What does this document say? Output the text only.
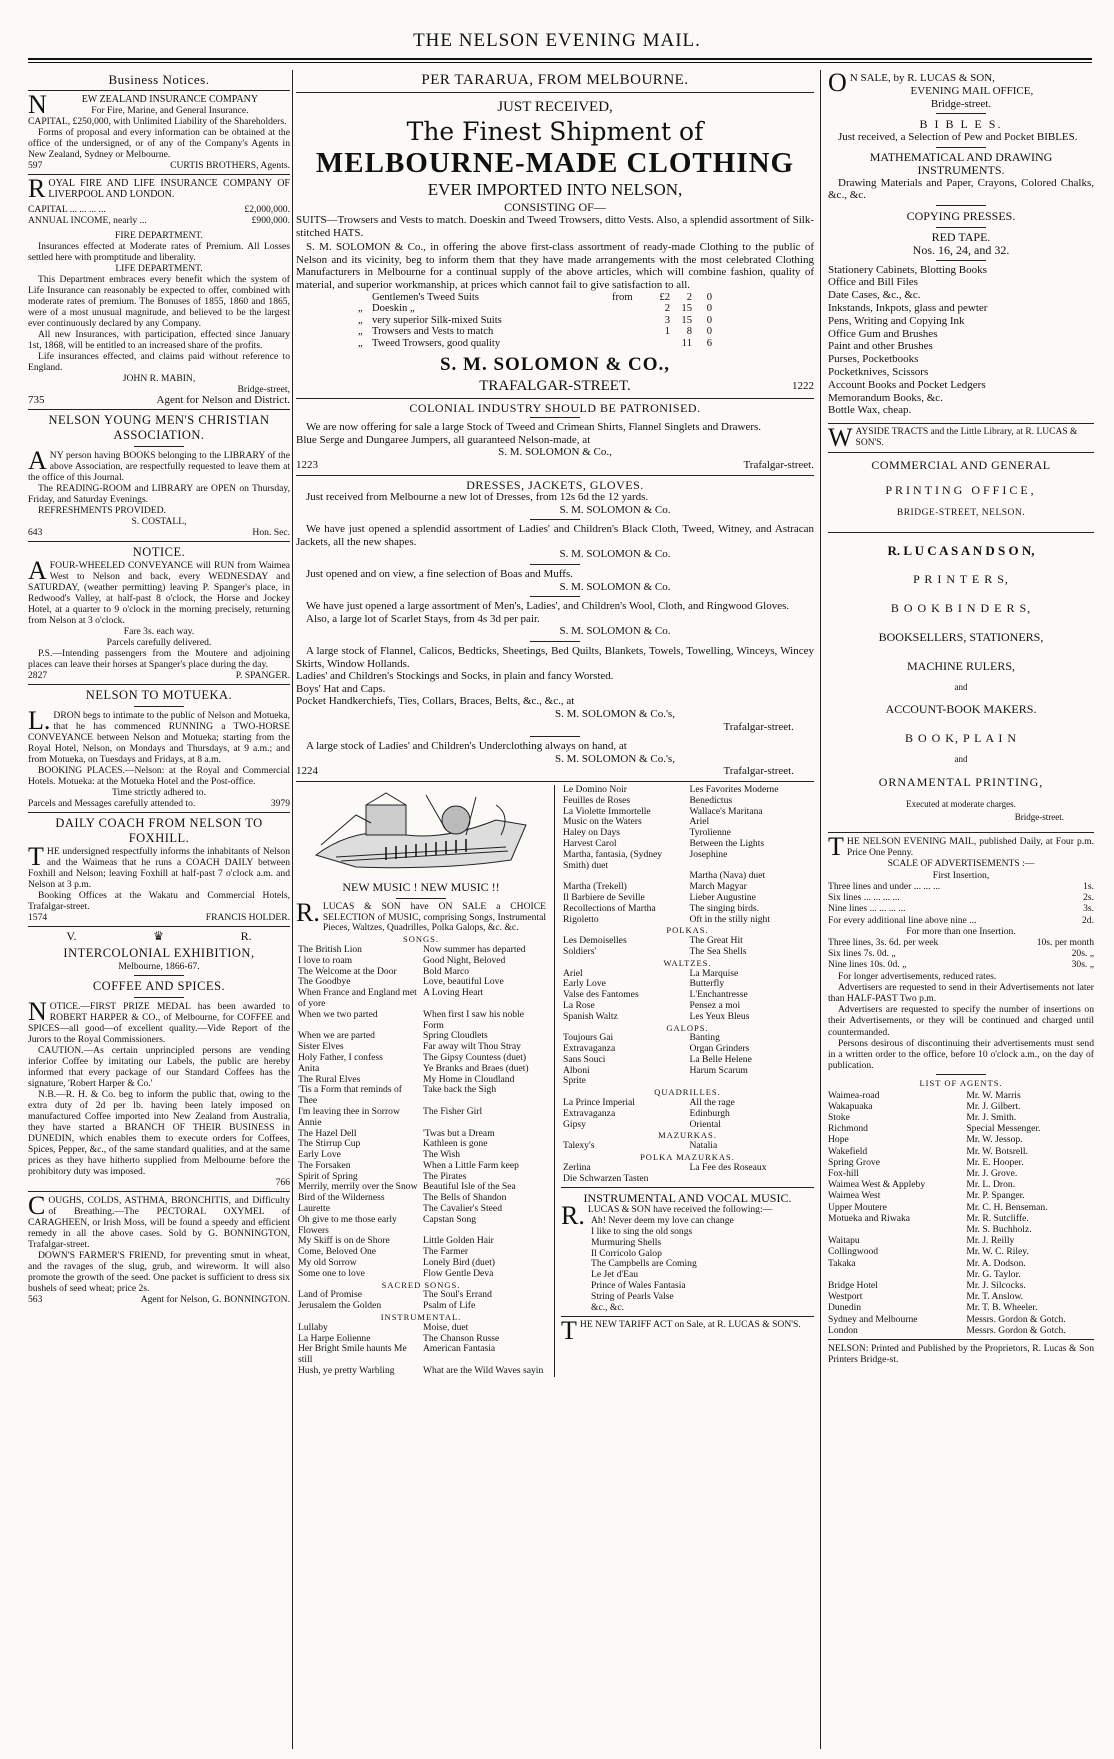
THE NELSON EVENING MAIL.
Business Notices.

NEW ZEALAND INSURANCE COMPANY

For Fire, Marine, and General Insurance.

CAPITAL, £250,000, with Unlimited Liability of the Shareholders.

Forms of proposal and every information can be obtained at the office of the undersigned, or of any of the Company's Agents in New Zealand, Sydney or Melbourne.

597	CURTIS BROTHERS, Agents.

ROYAL FIRE AND LIFE INSURANCE COMPANY OF LIVERPOOL AND LONDON.

CAPITAL ... ... ... ...	£2,000,000.
ANNUAL INCOME, nearly ...	£900,000.

FIRE DEPARTMENT.

Insurances effected at Moderate rates of Premium. All Losses settled here with promptitude and liberality.

LIFE DEPARTMENT.

This Department embraces every benefit which the system of Life Insurance can reasonably be expected to offer, combined with moderate rates of premium. The Bonuses of 1855, 1860 and 1865, were of a most unusual magnitude, and believed to be the largest ever continuously declared by any Company.

All new Insurances, with participation, effected since January 1st, 1868, will be entitled to an increased share of the profits.

Life insurances effected, and claims paid without reference to England.

JOHN R. MABIN,

Bridge-street,

735	Agent for Nelson and District.

NELSON YOUNG MEN'S CHRISTIAN ASSOCIATION.

ANY person having BOOKS belonging to the LIBRARY of the above Association, are respectfully requested to leave them at the office of this Journal.

The READING-ROOM and LIBRARY are OPEN on Thursday, Friday, and Saturday Evenings.

REFRESHMENTS PROVIDED.

S. COSTALL,

643	Hon. Sec.

NOTICE.

AFOUR-WHEELED CONVEYANCE will RUN from Waimea West to Nelson and back, every WEDNESDAY and SATURDAY, (weather permitting) leaving P. Spanger's place, in Redwood's Valley, at half-past 8 o'clock, the Horse and Jockey Hotel, at a quarter to 9 o'clock in the morning precisely, returning from Nelson at 3 o'clock.

Fare 3s. each way.

Parcels carefully delivered.

P.S.—Intending passengers from the Moutere and adjoining places can leave their horses at Spanger's place during the day.

2827	P. SPANGER.

NELSON TO MOTUEKA.

L.DRON begs to intimate to the public of Nelson and Motueka, that he has commenced RUNNING a TWO-HORSE CONVEYANCE between Nelson and Motueka; starting from the Royal Hotel, Nelson, on Mondays and Thursdays, at 9 a.m.; and from Motueka, on Tuesdays and Fridays, at 8 a.m.

BOOKING PLACES.—Nelson: at the Royal and Commercial Hotels. Motueka: at the Motueka Hotel and the Post-office.

Time strictly adhered to.

Parcels and Messages carefully attended to.	3979

DAILY COACH FROM NELSON TO FOXHILL.

THE undersigned respectfully informs the inhabitants of Nelson and the Waimeas that he runs a COACH DAILY between Foxhill and Nelson; leaving Foxhill at half-past 7 o'clock a.m. and Nelson at 3 p.m.

Booking Offices at the Wakatu and Commercial Hotels, Trafalgar-street.

1574	FRANCIS HOLDER.
V.	♛	R.

INTERCOLONIAL EXHIBITION,

Melbourne, 1866-67.

COFFEE AND SPICES.

NOTICE.—FIRST PRIZE MEDAL has been awarded to ROBERT HARPER & CO., of Melbourne, for COFFEE and SPICES—all good—of excellent quality.—Vide Report of the Jurors to the Royal Commissioners.

CAUTION.—As certain unprincipled persons are vending inferior Coffee by imitating our Labels, the public are hereby informed that every package of our Standard Coffees has the signature, 'Robert Harper & Co.'

N.B.—R. H. & Co. beg to inform the public that, owing to the extra duty of 2d per lb. having been lately imposed on manufactured Coffee imported into New Zealand from Australia, they have started a BRANCH OF THEIR BUSINESS in DUNEDIN, which enables them to execute orders for Coffees, Spices, Pepper, &c., of the same standard qualities, and at the same prices as they have hitherto supplied from Melbourne before the prohibitory duty was imposed.

766

COUGHS, COLDS, ASTHMA, BRONCHITIS, and Difficulty of Breathing.—The PECTORAL OXYMEL of CARAGHEEN, or Irish Moss, will be found a speedy and efficient remedy in all the above cases. Sold by G. BONNINGTON, Trafalgar-street.

DOWN'S FARMER'S FRIEND, for preventing smut in wheat, and the ravages of the slug, grub, and wireworm. It will also promote the growth of the seed. One packet is sufficient to dress six bushels of seed wheat; price 2s.

563	Agent for Nelson, G. BONNINGTON.

PER TARARUA, FROM MELBOURNE.

JUST RECEIVED,

The Finest Shipment of

MELBOURNE-MADE CLOTHING

EVER IMPORTED INTO NELSON,

CONSISTING OF—

SUITS—Trowsers and Vests to match. Doeskin and Tweed Trowsers, ditto Vests. Also, a splendid assortment of Silk-stitched HATS.

S. M. SOLOMON & Co., in offering the above first-class assortment of ready-made Clothing to the public of Nelson and its vicinity, beg to inform them that they have made arrangements with the most celebrated Clothing Manufacturers in Melbourne for a continual supply of the above articles, which will combine fashion, quality of material, and superior workmanship, at prices which cannot fail to give satisfaction to all.

	Gentlemen's Tweed Suits	from	£2	2	0
„	Doeskin „		2	15	0
„	very superior Silk-mixed Suits		3	15	0
„	Trowsers and Vests to match		1	8	0
„	Tweed Trowsers, good quality			11	6

S. M. SOLOMON & CO.,

TRAFALGAR-STREET.	1222

COLONIAL INDUSTRY SHOULD BE PATRONISED.

We are now offering for sale a large Stock of Tweed and Crimean Shirts, Flannel Singlets and Drawers.

Blue Serge and Dungaree Jumpers, all guaranteed Nelson-made, at

S. M. SOLOMON & Co.,

1223	Trafalgar-street.

DRESSES, JACKETS, GLOVES.

Just received from Melbourne a new lot of Dresses, from 12s 6d the 12 yards.

S. M. SOLOMON & Co.

We have just opened a splendid assortment of Ladies' and Children's Black Cloth, Tweed, Witney, and Astracan Jackets, all the new shapes.

S. M. SOLOMON & Co.

Just opened and on view, a fine selection of Boas and Muffs.

S. M. SOLOMON & Co.

We have just opened a large assortment of Men's, Ladies', and Children's Wool, Cloth, and Ringwood Gloves.

Also, a large lot of Scarlet Stays, from 4s 3d per pair.

S. M. SOLOMON & Co.

A large stock of Flannel, Calicos, Bedticks, Sheetings, Bed Quilts, Blankets, Towels, Towelling, Winceys, Wincey Skirts, Window Hollands.

Ladies' and Children's Stockings and Socks, in plain and fancy Worsted.

Boys' Hat and Caps.

Pocket Handkerchiefs, Ties, Collars, Braces, Belts, &c., &c., at

S. M. SOLOMON & Co.'s,

Trafalgar-street.

A large stock of Ladies' and Children's Underclothing always on hand, at

S. M. SOLOMON & Co.'s,

1224	Trafalgar-street.

NEW MUSIC ! NEW MUSIC !!

R.LUCAS & SON have ON SALE a CHOICE SELECTION of MUSIC, comprising Songs, Instrumental Pieces, Waltzes, Quadrilles, Polka Galops, &c. &c.

SONGS.

The British Lion	Now summer has departed
I love to roam	Good Night, Beloved
The Welcome at the Door	Bold Marco
The Goodbye	Love, beautiful Love
When France and England met of yore	A Loving Heart
When we two parted	When first I saw his noble Form
When we are parted	Spring Cloudlets
Sister Elves	Far away wilt Thou Stray
Holy Father, I confess	The Gipsy Countess (duet)
Anita	Ye Branks and Braes (duet)
The Rural Elves	My Home in Cloudland
'Tis a Form that reminds of Thee	Take back the Sigh
I'm leaving thee in Sorrow Annie	The Fisher Girl
The Hazel Dell	'Twas but a Dream
The Stirrup Cup	Kathleen is gone
Early Love	The Wish
The Forsaken	When a Little Farm keep
Spirit of Spring	The Pirates
Merrily, merrily over the Snow	Beautiful Isle of the Sea
Bird of the Wilderness	The Bells of Shandon
Laurette	The Cavalier's Steed
Oh give to me those early Flowers	Capstan Song
My Skiff is on de Shore	Little Golden Hair
Come, Beloved One	The Farmer
My old Sorrow	Lonely Bird (duet)
Some one to love	Flow Gentle Deva

SACRED SONGS.

Land of Promise	The Soul's Errand
Jerusalem the Golden	Psalm of Life

INSTRUMENTAL.

Lullaby	Moise, duet
La Harpe Eolienne	The Chanson Russe
Her Bright Smile haunts Me still	American Fantasia
Hush, ye pretty Warbling	What are the Wild Waves sayin
Le Domino Noir	Les Favorites Moderne
Feuilles de Roses	Benedictus
La Violette Immortelle	Wallace's Maritana
Music on the Waters	Ariel
Haley on Days	Tyrolienne
Harvest Carol	Between the Lights
Martha, fantasia, (Sydney Smith) duet	Josephine
	Martha (Nava) duet
Martha (Trekell)	March Magyar
Il Barbiere de Seville	Lieber Augustine
Recollections of Martha	The singing birds.
Rigoletto	Oft in the stilly night

POLKAS.

Les Demoiselles	The Great Hit
Soldiers'	The Sea Shells

WALTZES.

Ariel	La Marquise
Early Love	Butterfly
Valse des Fantomes	L'Enchantresse
La Rose	Pensez a moi
Spanish Waltz	Les Yeux Bleus

GALOPS.

Toujours Gai	Banting
Extravaganza	Organ Grinders
Sans Souci	La Belle Helene
Alboni	Harum Scarum
Sprite	

QUADRILLES.

La Prince Imperial	All the rage
Extravaganza	Edinburgh
Gipsy	Oriental

MAZURKAS.

Talexy's	Natalia

POLKA MAZURKAS.

Zerlina	La Fee des Roseaux
Die Schwarzen Tasten	

INSTRUMENTAL AND VOCAL MUSIC.

R.LUCAS & SON have received the following:—

Ah! Never deem my love can change

I like to sing the old songs

Murmuring Shells

Il Corricolo Galop

The Campbells are Coming

Le Jet d'Eau

Prince of Wales Fantasia

String of Pearls Valse

&c., &c.

THE NEW TARIFF ACT on Sale, at R. LUCAS & SON'S.

ON SALE, by R. LUCAS & SON,

EVENING MAIL OFFICE,

Bridge-street.

B I B L E S.

Just received, a Selection of Pew and Pocket BIBLES.

MATHEMATICAL AND DRAWING INSTRUMENTS.

Drawing Materials and Paper, Crayons, Colored Chalks, &c., &c.

COPYING PRESSES.

RED TAPE.

Nos. 16, 24, and 32.

Stationery Cabinets, Blotting Books

Office and Bill Files

Date Cases, &c., &c.

Inkstands, Inkpots, glass and pewter

Pens, Writing and Copying Ink

Office Gum and Brushes

Paint and other Brushes

Purses, Pocketbooks

Pocketknives, Scissors

Account Books and Pocket Ledgers

Memorandum Books, &c.

Bottle Wax, cheap.

WAYSIDE TRACTS and the Little Library, at R. LUCAS & SON'S.

COMMERCIAL AND GENERAL

PRINTING OFFICE,

BRIDGE-STREET, NELSON.

R. L U C A S A N D S O N,

P R I N T E R S,

B O O K B I N D E R S,

BOOKSELLERS, STATIONERS,

MACHINE RULERS,

and

ACCOUNT-BOOK MAKERS.

B O O K, P L A I N

and

ORNAMENTAL PRINTING,

Executed at moderate charges.

Bridge-street.

THE NELSON EVENING MAIL, published Daily, at Four p.m. Price One Penny.

SCALE OF ADVERTISEMENTS :—

First Insertion,

Three lines and under ... ... ...	1s.
Six lines ... ... ... ...	2s.
Nine lines ... ... ... ...	3s.
For every additional line above nine ...	2d.

For more than one Insertion.

Three lines, 3s. 6d. per week	10s. per month
Six lines 7s. 0d. „	20s. „
Nine lines 10s. 0d. „	30s. „

For longer advertisements, reduced rates.

Advertisers are requested to send in their Advertisements not later than HALF-PAST Two p.m.

Advertisers are requested to specify the number of insertions on their Advertisements, or they will be continued and charged until countermanded.

Persons desirous of discontinuing their advertisements must send in a written order to the office, before 10 o'clock a.m., on the day of publication.

LIST OF AGENTS.

Waimea-road	Mr. W. Marris
Wakapuaka	Mr. J. Gilbert.
Stoke	Mr. J. Smith.
Richmond	Special Messenger.
Hope	Mr. W. Jessop.
Wakefield	Mr. W. Botsrell.
Spring Grove	Mr. E. Hooper.
Fox-hill	Mr. J. Grove.
Waimea West & Appleby	Mr. L. Dron.
Waimea West	Mr. P. Spanger.
Upper Moutere	Mr. C. H. Benseman.
Motueka and Riwaka	Mr. R. Sutcliffe.
Mr. S. Buchholz.
Waitapu	Mr. J. Reilly
Collingwood	Mr. W. C. Riley.
Takaka	Mr. A. Dodson.
Mr. G. Taylor.
Bridge Hotel	Mr. J. Silcocks.
Westport	Mr. T. Anslow.
Dunedin	Mr. T. B. Wheeler.
Sydney and Melbourne	Messrs. Gordon & Gotch.
London	Messrs. Gordon & Gotch.

NELSON: Printed and Published by the Proprietors, R. Lucas & Son Printers Bridge-st.
